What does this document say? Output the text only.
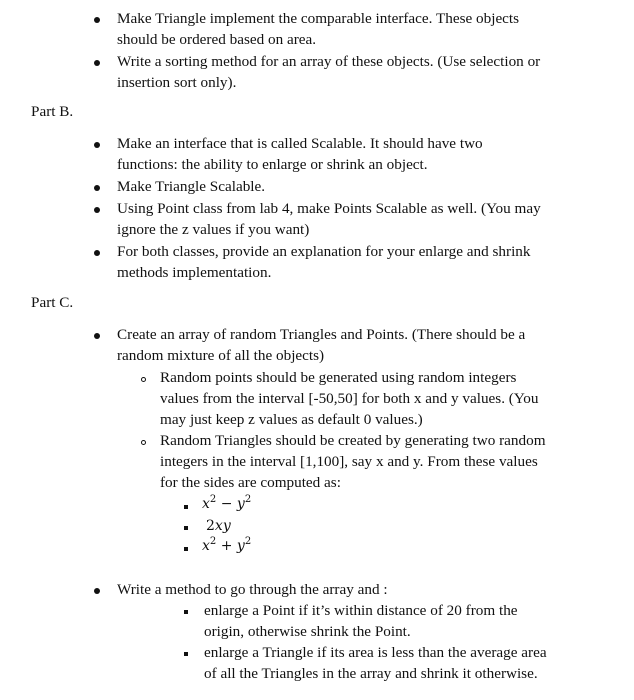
Make Triangle implement the comparable interface. These objects
should be ordered based on area.
Write a sorting method for an array of these objects. (Use selection or
insertion sort only).
Part B.
Make an interface that is called Scalable. It should have two
functions: the ability to enlarge or shrink an object.
Make Triangle Scalable.
Using Point class from lab 4, make Points Scalable as well. (You may
ignore the z values if you want)
For both classes, provide an explanation for your enlarge and shrink
methods implementation.
Part C.
Create an array of random Triangles and Points. (There should be a
random mixture of all the objects)
Random points should be generated using random integers
values from the interval [-50,50] for both x and y values. (You
may just keep z values as default 0 values.)
Random Triangles should be created by generating two random
integers in the interval [1,100], say x and y. From these values
for the sides are computed as:
$x^2 - y^2$
2xy
$x^2 + y^2$
Write a method to go through the array and :
enlarge a Point if it’s within distance of 20 from the
origin, otherwise shrink the Point.
enlarge a Triangle if its area is less than the average area
of all the Triangles in the array and shrink it otherwise.
